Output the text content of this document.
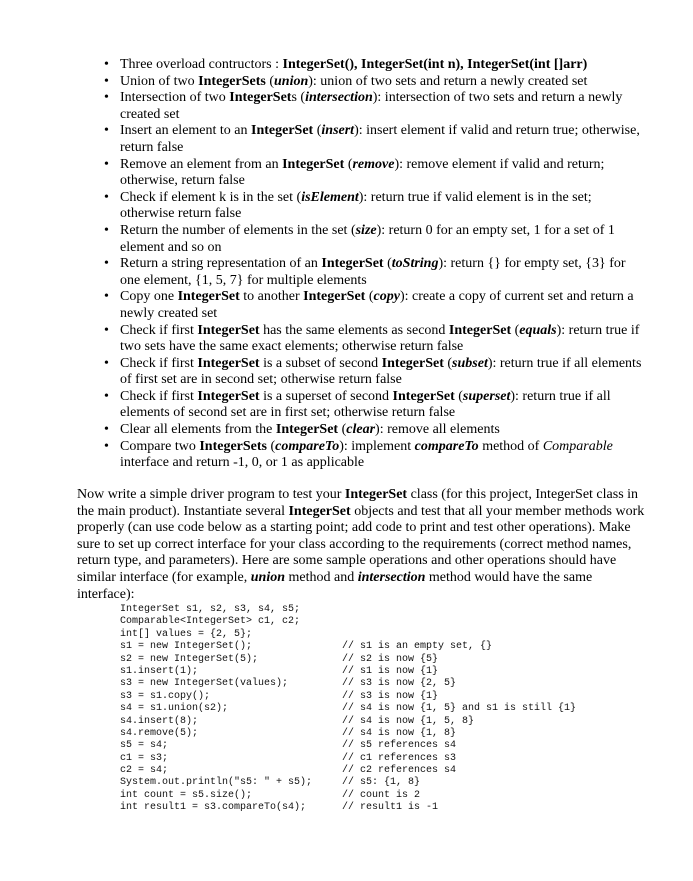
• Three overload contructors : IntegerSet(), IntegerSet(int n), IntegerSet(int []arr)
• Union of two IntegerSets (union): union of two sets and return a newly created set
• Intersection of two IntegerSets (intersection): intersection of two sets and return a newly created set
• Insert an element to an IntegerSet (insert): insert element if valid and return true; otherwise, return false
• Remove an element from an IntegerSet (remove): remove element if valid and return; otherwise, return false
• Check if element k is in the set (isElement): return true if valid element is in the set; otherwise return false
• Return the number of elements in the set (size): return 0 for an empty set, 1 for a set of 1 element and so on
• Return a string representation of an IntegerSet (toString): return {} for empty set, {3} for one element, {1, 5, 7} for multiple elements
• Copy one IntegerSet to another IntegerSet (copy): create a copy of current set and return a newly created set
• Check if first IntegerSet has the same elements as second IntegerSet (equals): return true if two sets have the same exact elements; otherwise return false
• Check if first IntegerSet is a subset of second IntegerSet (subset): return true if all elements of first set are in second set; otherwise return false
• Check if first IntegerSet is a superset of second IntegerSet (superset): return true if all elements of second set are in first set; otherwise return false
• Clear all elements from the IntegerSet (clear): remove all elements
• Compare two IntegerSets (compareTo): implement compareTo method of Comparable interface and return -1, 0, or 1 as applicable

Now write a simple driver program to test your IntegerSet class (for this project, IntegerSet class in the main product). Instantiate several IntegerSet objects and test that all your member methods work properly (can use code below as a starting point; add code to print and test other operations). Make sure to set up correct interface for your class according to the requirements (correct method names, return type, and parameters). Here are some sample operations and other operations should have similar interface (for example, union method and intersection method would have the same interface):

IntegerSet s1, s2, s3, s4, s5;
Comparable<IntegerSet> c1, c2;
int[] values = {2, 5};
s1 = new IntegerSet();	// s1 is an empty set, {}
s2 = new IntegerSet(5);	// s2 is now {5}
s1.insert(1);	// s1 is now {1}
s3 = new IntegerSet(values);	// s3 is now {2, 5}
s3 = s1.copy();	// s3 is now {1}
s4 = s1.union(s2);	// s4 is now {1, 5} and s1 is still {1}
s4.insert(8);	// s4 is now {1, 5, 8}
s4.remove(5);	// s4 is now {1, 8}
s5 = s4;	// s5 references s4
c1 = s3;	// c1 references s3
c2 = s4;	// c2 references s4
System.out.println("s5: " + s5);	// s5: {1, 8}
int count = s5.size();	// count is 2
int result1 = s3.compareTo(s4);	// result1 is -1
